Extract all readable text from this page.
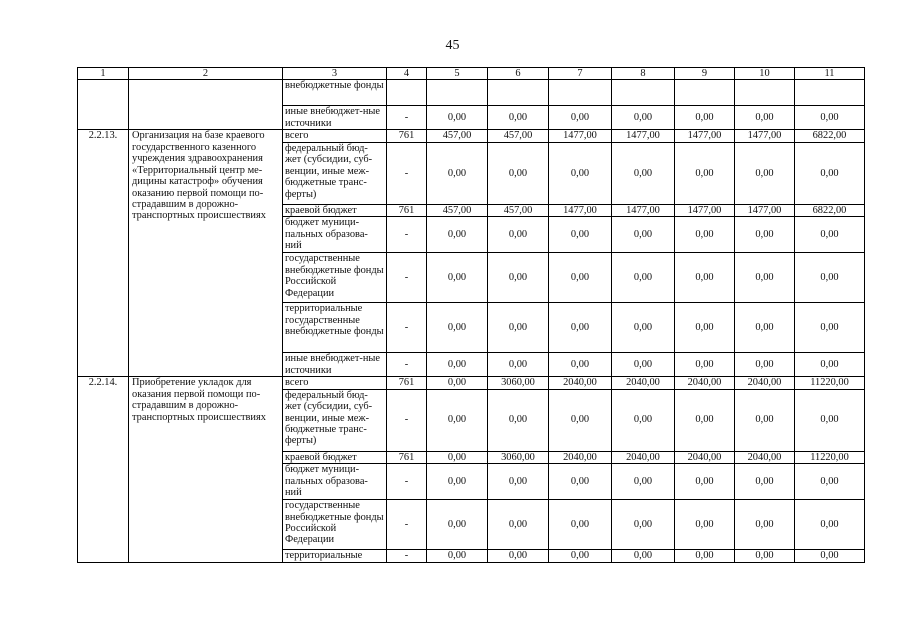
45
1	2	3	4	5	6	7	8	9	10	11
		внебюджетные фонды								
		иные внебюджет-ные источники	-	0,00	0,00	0,00	0,00	0,00	0,00	0,00
2.2.13.	Организация на базе краевого государственного казенного учреждения здравоохранения «Территориальный центр ме-дицины катастроф» обучения оказанию первой помощи по-страдавшим в дорожно-транспортных происшествиях	всего	761	457,00	457,00	1477,00	1477,00	1477,00	1477,00	6822,00
		федеральный бюд-жет (субсидии, суб-венции, иные меж-бюджетные транс-ферты)	-	0,00	0,00	0,00	0,00	0,00	0,00	0,00
		краевой бюджет	761	457,00	457,00	1477,00	1477,00	1477,00	1477,00	6822,00
		бюджет муници-пальных образова-ний	-	0,00	0,00	0,00	0,00	0,00	0,00	0,00
		государственные внебюджетные фонды Российской Федерации	-	0,00	0,00	0,00	0,00	0,00	0,00	0,00
		территориальные государственные внебюджетные фонды	-	0,00	0,00	0,00	0,00	0,00	0,00	0,00
		иные внебюджет-ные источники	-	0,00	0,00	0,00	0,00	0,00	0,00	0,00
2.2.14.	Приобретение укладок для оказания первой помощи по-страдавшим в дорожно-транспортных происшествиях	всего	761	0,00	3060,00	2040,00	2040,00	2040,00	2040,00	11220,00
		федеральный бюд-жет (субсидии, суб-венции, иные меж-бюджетные транс-ферты)	-	0,00	0,00	0,00	0,00	0,00	0,00	0,00
		краевой бюджет	761	0,00	3060,00	2040,00	2040,00	2040,00	2040,00	11220,00
		бюджет муници-пальных образова-ний	-	0,00	0,00	0,00	0,00	0,00	0,00	0,00
		государственные внебюджетные фонды Российской Федерации	-	0,00	0,00	0,00	0,00	0,00	0,00	0,00
		территориальные	-	0,00	0,00	0,00	0,00	0,00	0,00	0,00
